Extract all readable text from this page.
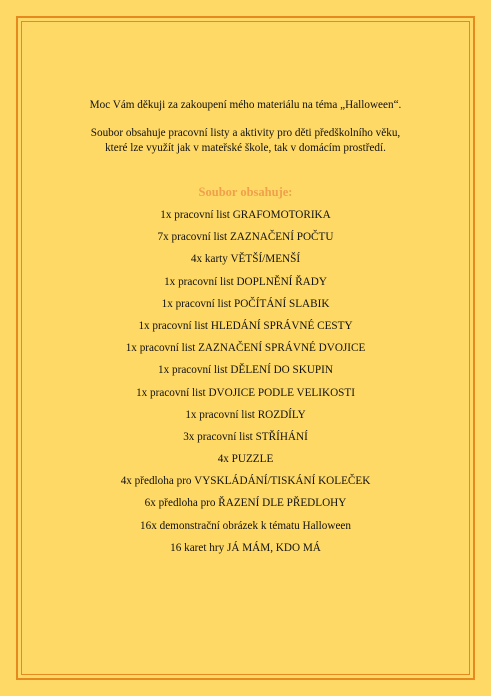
Moc Vám děkuji za zakoupení mého materiálu na téma „Halloween“.
Soubor obsahuje pracovní listy a aktivity pro děti předškolního věku,
které lze využít jak v mateřské škole, tak v domácím prostředí.
Soubor obsahuje:
1x pracovní list GRAFOMOTORIKA
7x pracovní list ZAZNAČENÍ POČTU
4x karty VĚTŠÍ/MENŠÍ
1x pracovní list DOPLNĚNÍ ŘADY
1x pracovní list POČÍTÁNÍ SLABIK
1x pracovní list HLEDÁNÍ SPRÁVNÉ CESTY
1x pracovní list ZAZNAČENÍ SPRÁVNÉ DVOJICE
1x pracovní list DĚLENÍ DO SKUPIN
1x pracovní list DVOJICE PODLE VELIKOSTI
1x pracovní list ROZDÍLY
3x pracovní list STŘÍHÁNÍ
4x PUZZLE
4x předloha pro VYSKLÁDÁNÍ/TISKÁNÍ KOLEČEK
6x předloha pro ŘAZENÍ DLE PŘEDLOHY
16x demonstrační obrázek k tématu Halloween
16 karet hry JÁ MÁM, KDO MÁ
